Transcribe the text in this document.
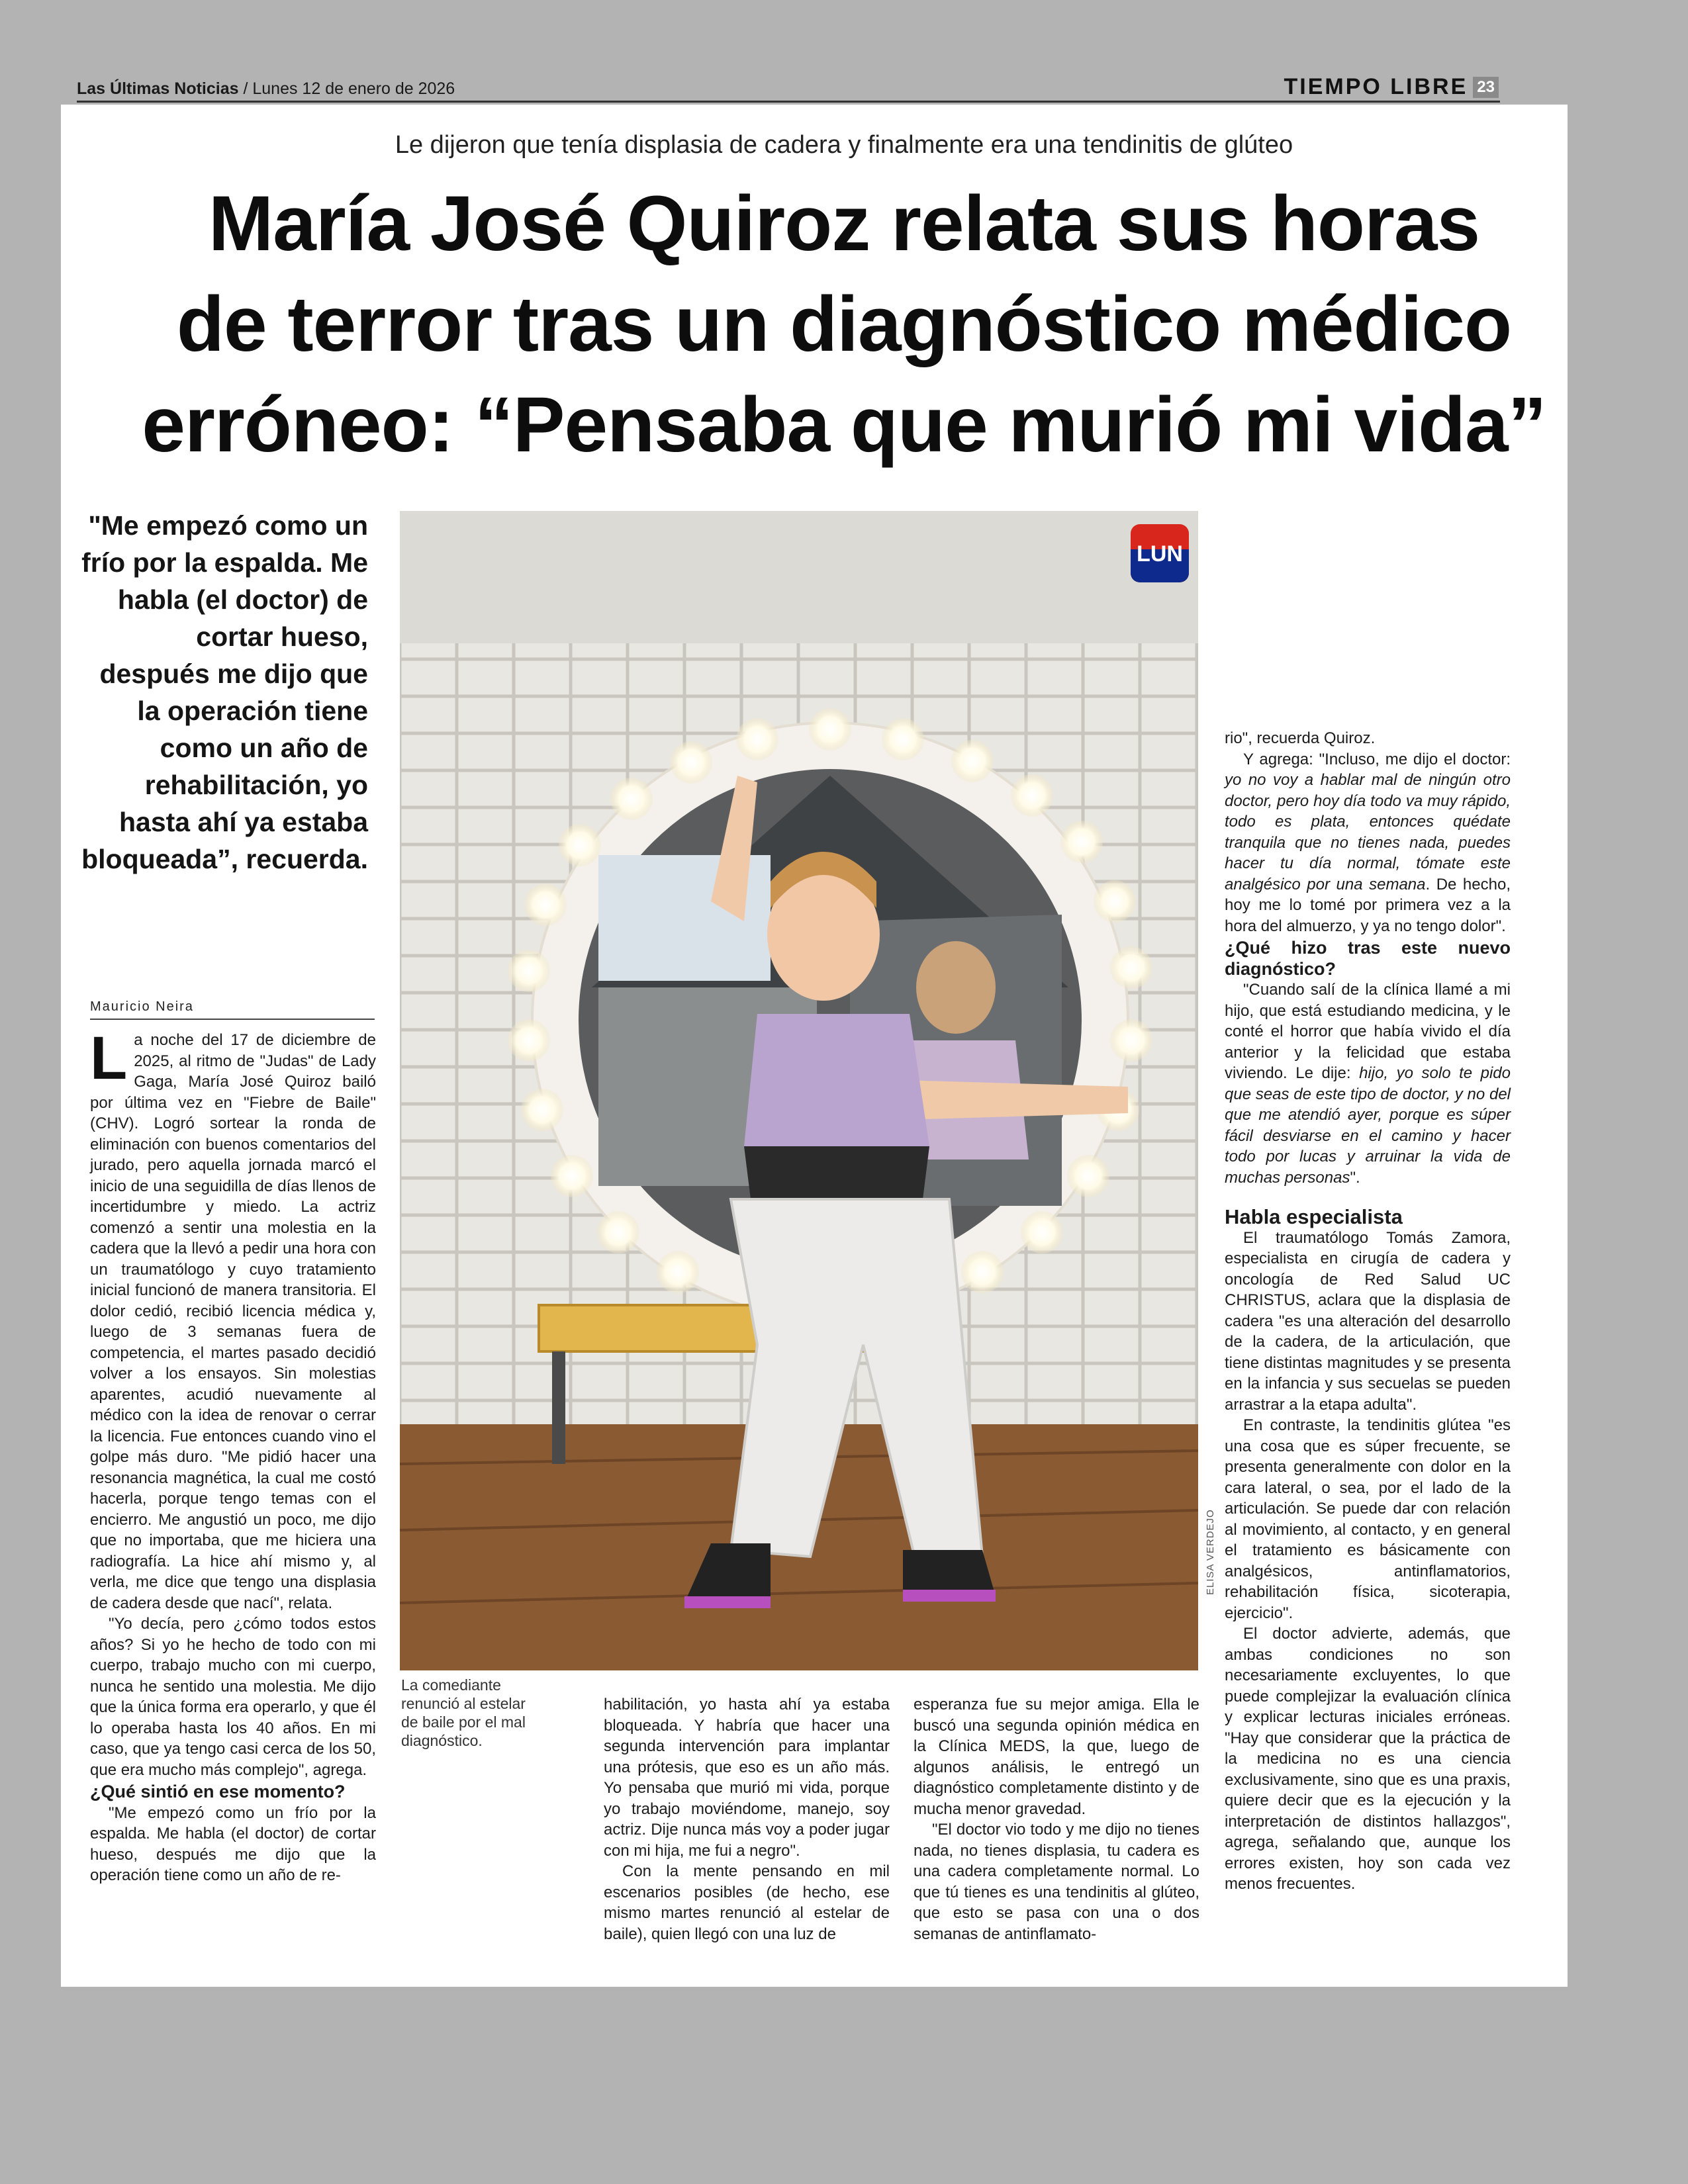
Las Últimas Noticias / Lunes 12 de enero de 2026	TIEMPO LIBRE 23
Le dijeron que tenía displasia de cadera y finalmente era una tendinitis de glúteo
María José Quiroz relata sus horas
de terror tras un diagnóstico médico
erróneo: “Pensaba que murió mi vida”
"Me empezó como un frío por la espalda. Me habla (el doctor) de cortar hueso, después me dijo que la operación tiene como un año de rehabilitación, yo hasta ahí ya estaba bloqueada”, recuerda.
Mauricio Neira

La noche del 17 de diciembre de 2025, al ritmo de "Judas" de Lady Gaga, María José Quiroz bailó por última vez en "Fiebre de Baile" (CHV). Logró sortear la ronda de eliminación con buenos comentarios del jurado, pero aquella jornada marcó el inicio de una seguidilla de días llenos de incertidumbre y miedo. La actriz comenzó a sentir una molestia en la cadera que la llevó a pedir una hora con un traumatólogo y cuyo tratamiento inicial funcionó de manera transitoria. El dolor cedió, recibió licencia médica y, luego de 3 semanas fuera de competencia, el martes pasado decidió volver a los ensayos. Sin molestias aparentes, acudió nuevamente al médico con la idea de renovar o cerrar la licencia. Fue entonces cuando vino el golpe más duro. "Me pidió hacer una resonancia magnética, la cual me costó hacerla, porque tengo temas con el encierro. Me angustió un poco, me dijo que no importaba, que me hiciera una radiografía. La hice ahí mismo y, al verla, me dice que tengo una displasia de cadera desde que nací", relata.

"Yo decía, pero ¿cómo todos estos años? Si yo he hecho de todo con mi cuerpo, trabajo mucho con mi cuerpo, nunca he sentido una molestia. Me dijo que la única forma era operarlo, y que él lo operaba hasta los 40 años. En mi caso, que ya tengo casi cerca de los 50, que era mucho más complejo", agrega.

¿Qué sintió en ese momento?

"Me empezó como un frío por la espalda. Me habla (el doctor) de cortar hueso, después me dijo que la operación tiene como un año de re-

LUN
ELISA VERDEJO
La comediante renunció al estelar de baile por el mal diagnóstico.

habilitación, yo hasta ahí ya estaba bloqueada. Y habría que hacer una segunda intervención para implantar una prótesis, que eso es un año más. Yo pensaba que murió mi vida, porque yo trabajo moviéndome, manejo, soy actriz. Dije nunca más voy a poder jugar con mi hija, me fui a negro".

Con la mente pensando en mil escenarios posibles (de hecho, ese mismo martes renunció al estelar de baile), quien llegó con una luz de

esperanza fue su mejor amiga. Ella le buscó una segunda opinión médica en la Clínica MEDS, la que, luego de algunos análisis, le entregó un diagnóstico completamente distinto y de mucha menor gravedad.

"El doctor vio todo y me dijo no tienes nada, no tienes displasia, tu cadera es una cadera completamente normal. Lo que tú tienes es una tendinitis al glúteo, que esto se pasa con una o dos semanas de antinflamato-

rio", recuerda Quiroz.

Y agrega: "Incluso, me dijo el doctor: yo no voy a hablar mal de ningún otro doctor, pero hoy día todo va muy rápido, todo es plata, entonces quédate tranquila que no tienes nada, puedes hacer tu día normal, tómate este analgésico por una semana. De hecho, hoy me lo tomé por primera vez a la hora del almuerzo, y ya no tengo dolor".

¿Qué hizo tras este nuevo diagnóstico?

"Cuando salí de la clínica llamé a mi hijo, que está estudiando medicina, y le conté el horror que había vivido el día anterior y la felicidad que estaba viviendo. Le dije: hijo, yo solo te pido que seas de este tipo de doctor, y no del que me atendió ayer, porque es súper fácil desviarse en el camino y hacer todo por lucas y arruinar la vida de muchas personas".

Habla especialista

El traumatólogo Tomás Zamora, especialista en cirugía de cadera y oncología de Red Salud UC CHRISTUS, aclara que la displasia de cadera "es una alteración del desarrollo de la cadera, de la articulación, que tiene distintas magnitudes y se presenta en la infancia y sus secuelas se pueden arrastrar a la etapa adulta".

En contraste, la tendinitis glútea "es una cosa que es súper frecuente, se presenta generalmente con dolor en la cara lateral, o sea, por el lado de la articulación. Se puede dar con relación al movimiento, al contacto, y en general el tratamiento es básicamente con analgésicos, antinflamatorios, rehabilitación física, sicoterapia, ejercicio".

El doctor advierte, además, que ambas condiciones no son necesariamente excluyentes, lo que puede complejizar la evaluación clínica y explicar lecturas iniciales erróneas. "Hay que considerar que la práctica de la medicina no es una ciencia exclusivamente, sino que es una praxis, quiere decir que es la ejecución y la interpretación de distintos hallazgos", agrega, señalando que, aunque los errores existen, hoy son cada vez menos frecuentes.
